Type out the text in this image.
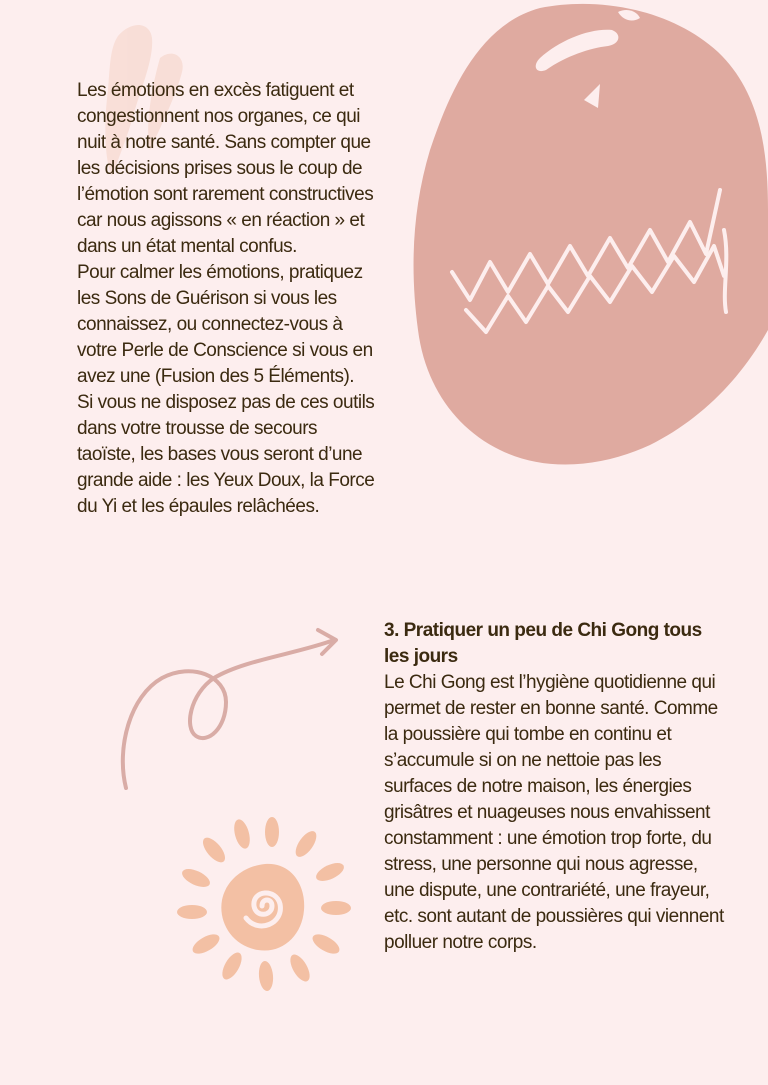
Les émotions en excès fatiguent et congestionnent nos organes, ce qui nuit à notre santé. Sans compter que les décisions prises sous le coup de l’émotion sont rarement constructives car nous agissons « en réaction » et dans un état mental confus.

Pour calmer les émotions, pratiquez les Sons de Guérison si vous les connaissez, ou connectez-vous à votre Perle de Conscience si vous en avez une (Fusion des 5 Éléments).

Si vous ne disposez pas de ces outils dans votre trousse de secours taoïste, les bases vous seront d’une grande aide : les Yeux Doux, la Force du Yi et les épaules relâchées.

3. Pratiquer un peu de Chi Gong tous les jours

Le Chi Gong est l’hygiène quotidienne qui permet de rester en bonne santé. Comme la poussière qui tombe en continu et s’accumule si on ne nettoie pas les surfaces de notre maison, les énergies grisâtres et nuageuses nous envahissent constamment : une émotion trop forte, du stress, une personne qui nous agresse, une dispute, une contrariété, une frayeur, etc. sont autant de poussières qui viennent polluer notre corps.
